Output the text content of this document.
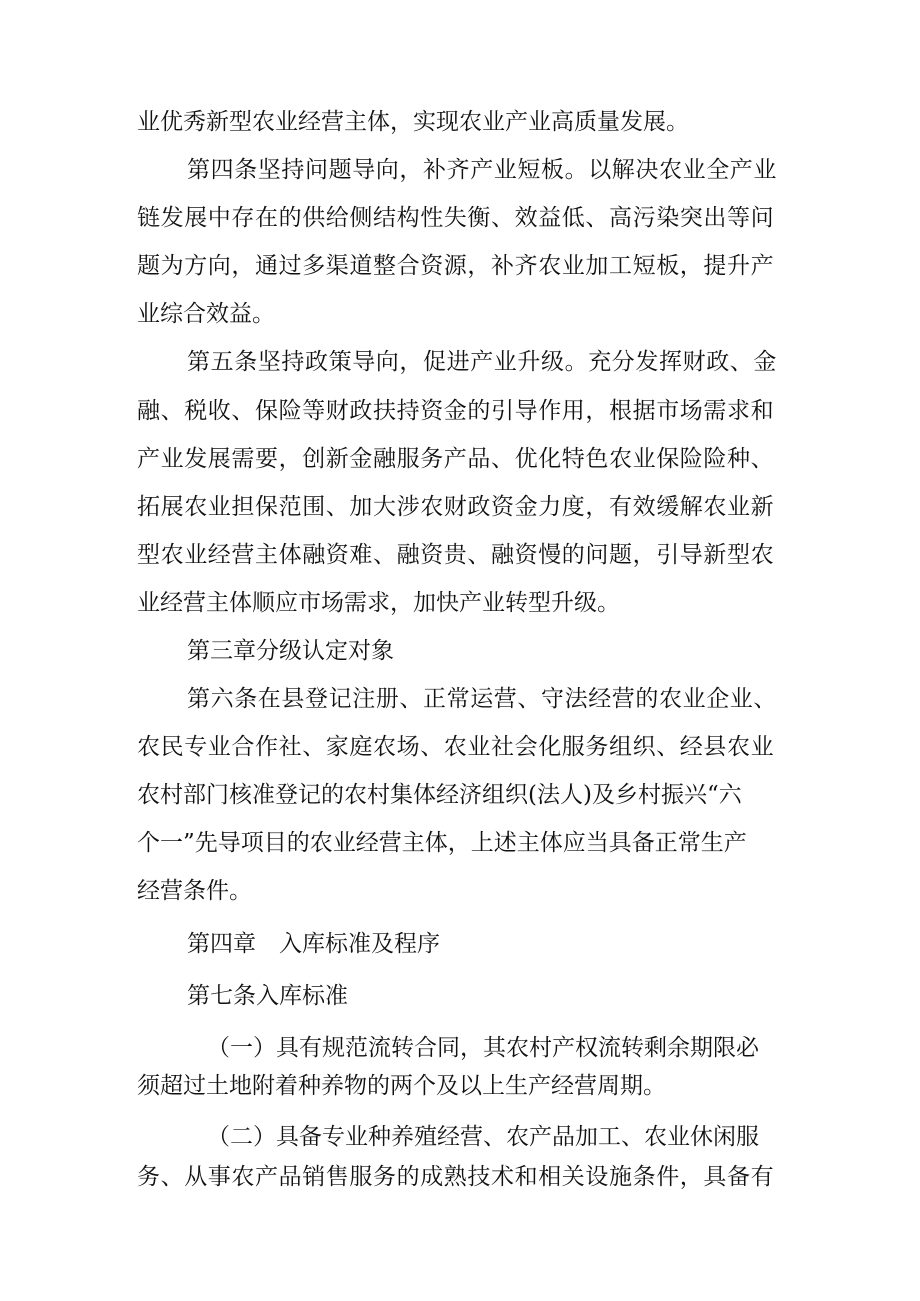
业优秀新型农业经营主体，实现农业产业高质量发展。
第四条坚持问题导向，补齐产业短板。以解决农业全产业
链发展中存在的供给侧结构性失衡、效益低、高污染突出等问
题为方向，通过多渠道整合资源，补齐农业加工短板，提升产
业综合效益。
第五条坚持政策导向，促进产业升级。充分发挥财政、金
融、税收、保险等财政扶持资金的引导作用，根据市场需求和
产业发展需要，创新金融服务产品、优化特色农业保险险种、
拓展农业担保范围、加大涉农财政资金力度，有效缓解农业新
型农业经营主体融资难、融资贵、融资慢的问题，引导新型农
业经营主体顺应市场需求，加快产业转型升级。
第三章分级认定对象
第六条在县登记注册、正常运营、守法经营的农业企业、
农民专业合作社、家庭农场、农业社会化服务组织、经县农业
农村部门核准登记的农村集体经济组织(法人)及乡村振兴“六
个一”先导项目的农业经营主体，上述主体应当具备正常生产
经营条件。
第四章　入库标准及程序
第七条入库标准
（一）具有规范流转合同，其农村产权流转剩余期限必
须超过土地附着种养物的两个及以上生产经营周期。
（二）具备专业种养殖经营、农产品加工、农业休闲服
务、从事农产品销售服务的成熟技术和相关设施条件，具备有
